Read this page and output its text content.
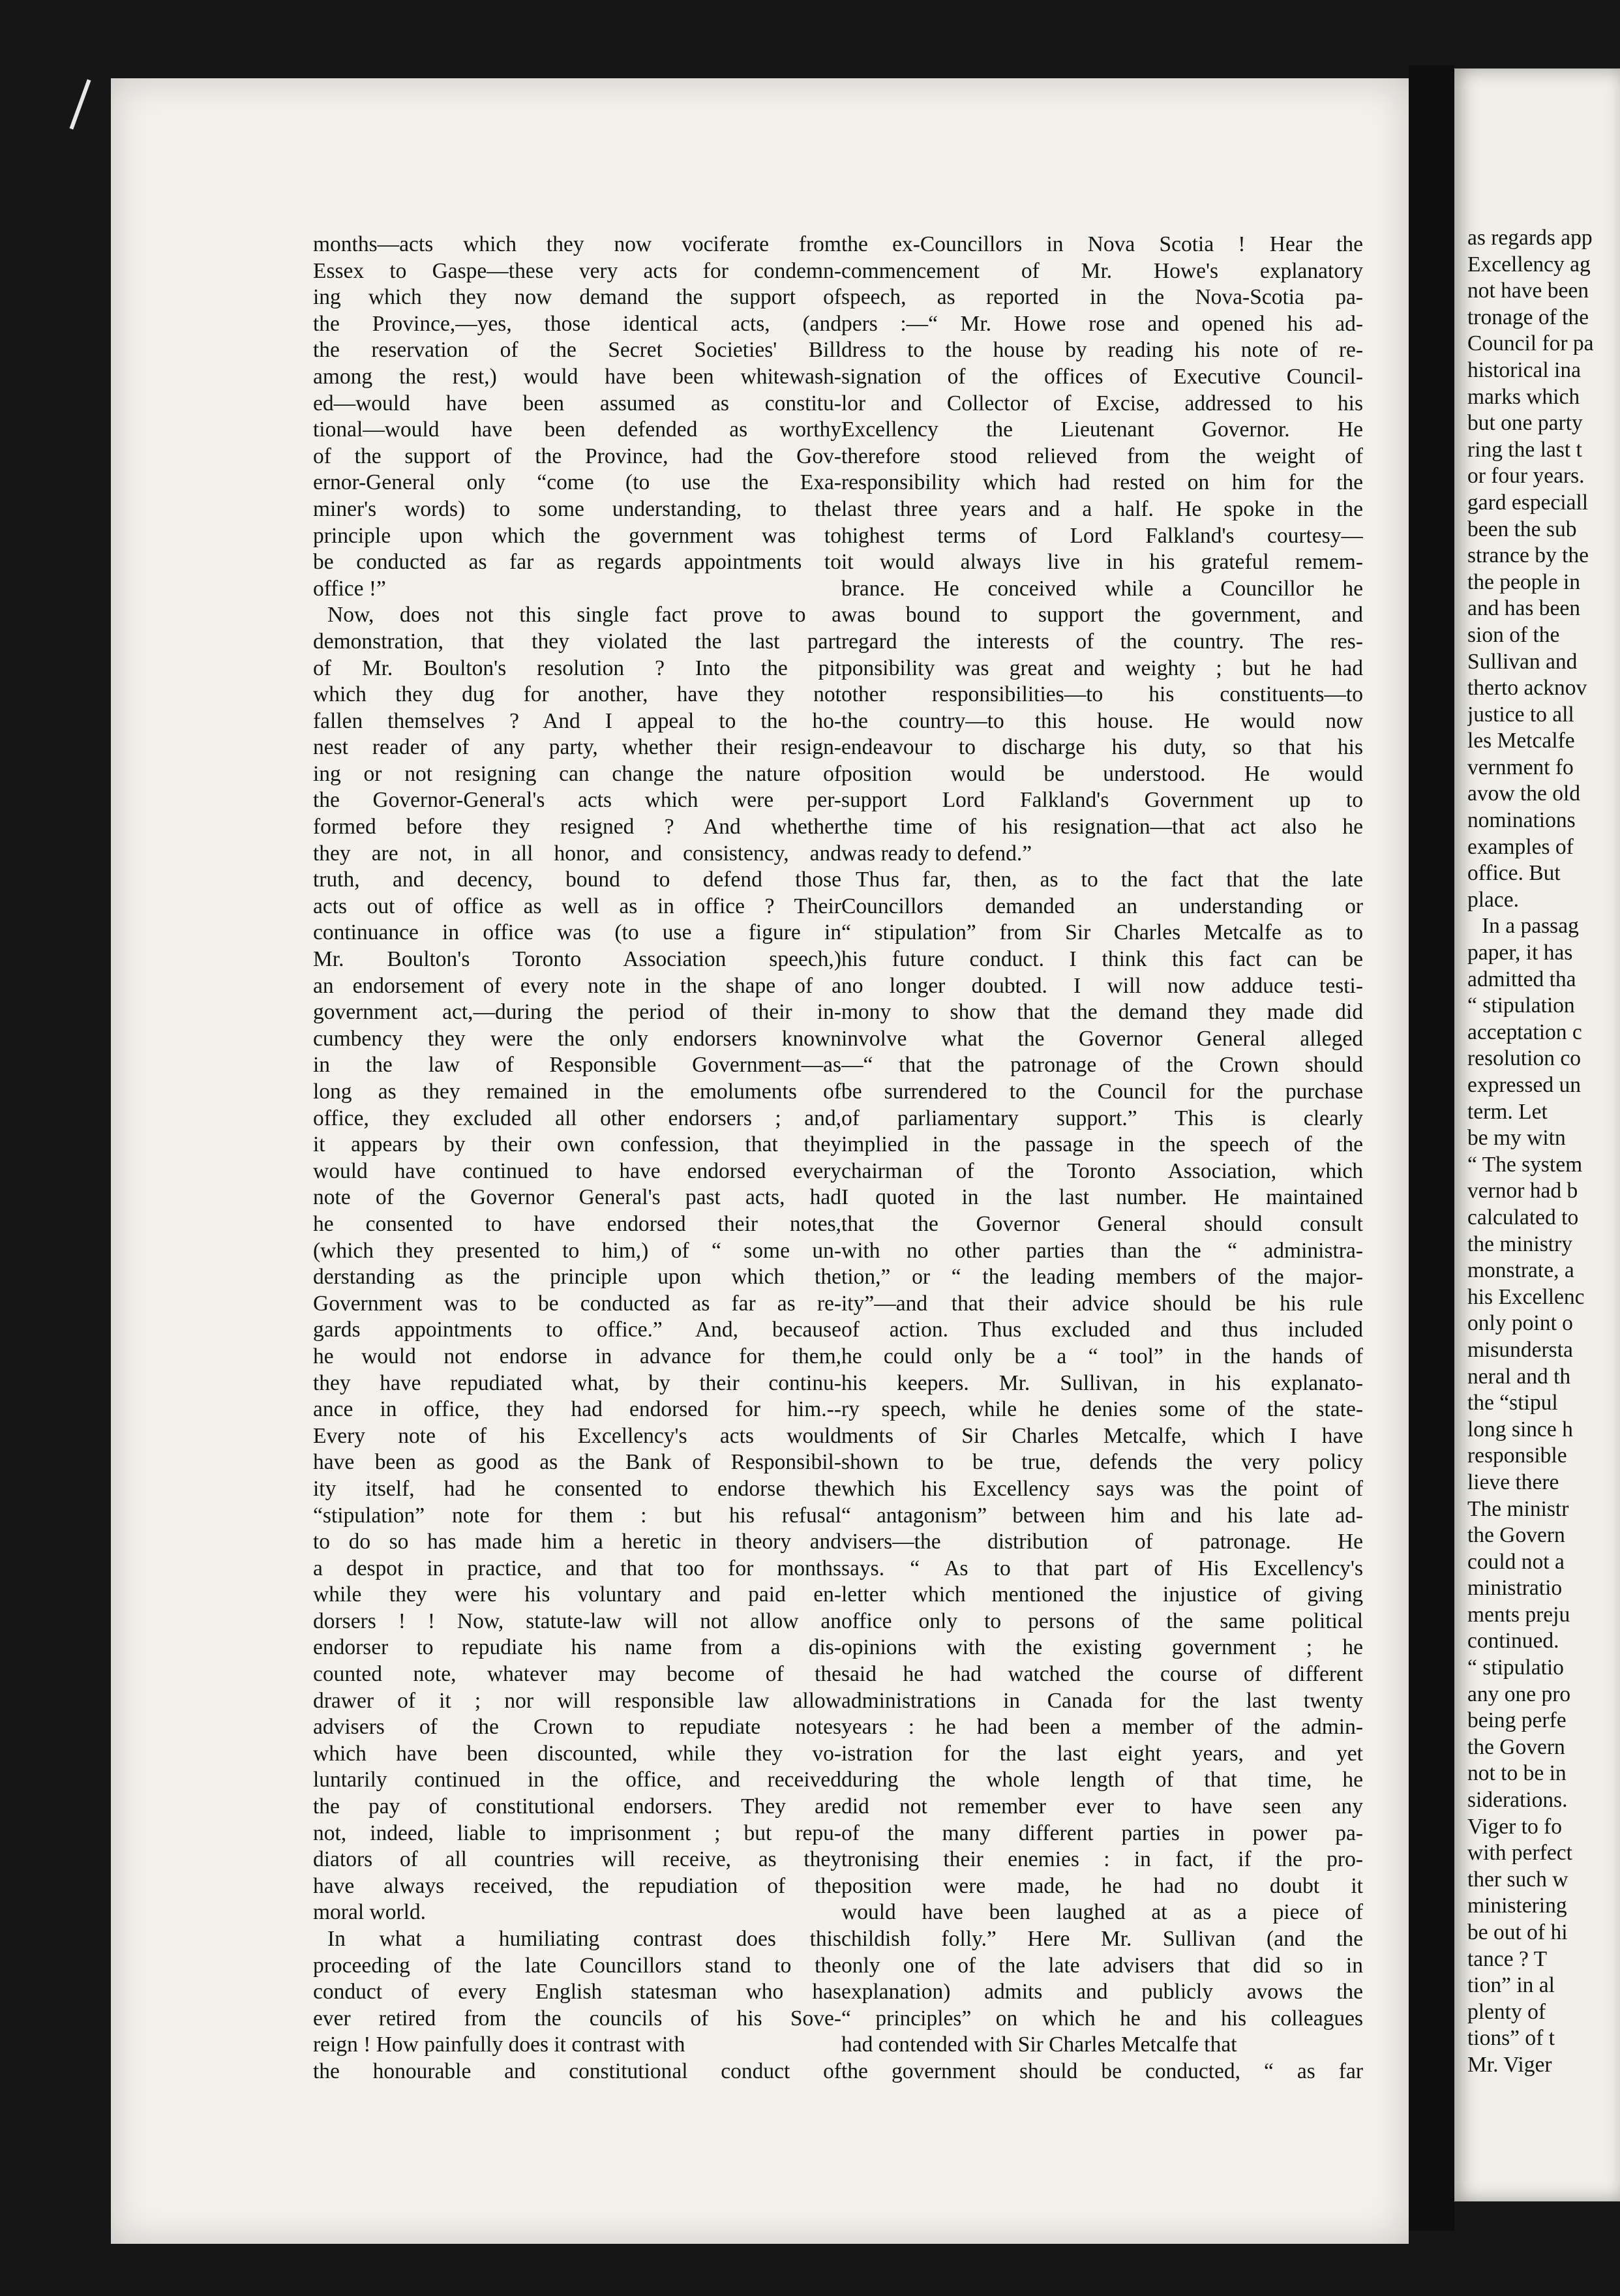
months—acts which they now vociferate from
Essex to Gaspe—these very acts for condemn-
ing which they now demand the support of
the Province,—yes, those identical acts, (and
the reservation of the Secret Societies' Bill
among the rest,) would have been whitewash-
ed—would have been assumed as constitu-
tional—would have been defended as worthy
of the support of the Province, had the Gov-
ernor-General only “come (to use the Exa-
miner's words) to some understanding, to the
principle upon which the government was to
be conducted as far as regards appointments to
office !”
Now, does not this single fact prove to a
demonstration, that they violated the last part
of Mr. Boulton's resolution ? Into the pit
which they dug for another, have they not
fallen themselves ? And I appeal to the ho-
nest reader of any party, whether their resign-
ing or not resigning can change the nature of
the Governor-General's acts which were per-
formed before they resigned ? And whether
they are not, in all honor, and consistency, and
truth, and decency, bound to defend those
acts out of office as well as in office ? Their
continuance in office was (to use a figure in
Mr. Boulton's Toronto Association speech,)
an endorsement of every note in the shape of a
government act,—during the period of their in-
cumbency they were the only endorsers known
in the law of Responsible Government—as
long as they remained in the emoluments of
office, they excluded all other endorsers ; and,
it appears by their own confession, that they
would have continued to have endorsed every
note of the Governor General's past acts, had
he consented to have endorsed their notes,
(which they presented to him,) of “ some un-
derstanding as the principle upon which the
Government was to be conducted as far as re-
gards appointments to office.” And, because
he would not endorse in advance for them,
they have repudiated what, by their continu-
ance in office, they had endorsed for him.--
Every note of his Excellency's acts would
have been as good as the Bank of Responsibil-
ity itself, had he consented to endorse the
“stipulation” note for them : but his refusal
to do so has made him a heretic in theory and
a despot in practice, and that too for months
while they were his voluntary and paid en-
dorsers ! ! Now, statute-law will not allow an
endorser to repudiate his name from a dis-
counted note, whatever may become of the
drawer of it ; nor will responsible law allow
advisers of the Crown to repudiate notes
which have been discounted, while they vo-
luntarily continued in the office, and received
the pay of constitutional endorsers. They are
not, indeed, liable to imprisonment ; but repu-
diators of all countries will receive, as they
have always received, the repudiation of the
moral world.
In what a humiliating contrast does this
proceeding of the late Councillors stand to the
conduct of every English statesman who has
ever retired from the councils of his Sove-
reign ! How painfully does it contrast with
the honourable and constitutional conduct of
the ex-Councillors in Nova Scotia ! Hear the
commencement of Mr. Howe's explanatory
speech, as reported in the Nova-Scotia pa-
pers :—“ Mr. Howe rose and opened his ad-
dress to the house by reading his note of re-
signation of the offices of Executive Council-
lor and Collector of Excise, addressed to his
Excellency the Lieutenant Governor. He
therefore stood relieved from the weight of
responsibility which had rested on him for the
last three years and a half. He spoke in the
highest terms of Lord Falkland's courtesy—
it would always live in his grateful remem-
brance. He conceived while a Councillor he
was bound to support the government, and
regard the interests of the country. The res-
ponsibility was great and weighty ; but he had
other responsibilities—to his constituents—to
the country—to this house. He would now
endeavour to discharge his duty, so that his
position would be understood. He would
support Lord Falkland's Government up to
the time of his resignation—that act also he
was ready to defend.”
Thus far, then, as to the fact that the late
Councillors demanded an understanding or
“ stipulation” from Sir Charles Metcalfe as to
his future conduct. I think this fact can be
no longer doubted. I will now adduce testi-
mony to show that the demand they made did
involve what the Governor General alleged
—“ that the patronage of the Crown should
be surrendered to the Council for the purchase
of parliamentary support.” This is clearly
implied in the passage in the speech of the
chairman of the Toronto Association, which
I quoted in the last number. He maintained
that the Governor General should consult
with no other parties than the “ administra-
tion,” or “ the leading members of the major-
ity”—and that their advice should be his rule
of action. Thus excluded and thus included
he could only be a “ tool” in the hands of
his keepers. Mr. Sullivan, in his explanato-
ry speech, while he denies some of the state-
ments of Sir Charles Metcalfe, which I have
shown to be true, defends the very policy
which his Excellency says was the point of
“ antagonism” between him and his late ad-
visers—the distribution of patronage. He
says. “ As to that part of His Excellency's
letter which mentioned the injustice of giving
office only to persons of the same political
opinions with the existing government ; he
said he had watched the course of different
administrations in Canada for the last twenty
years : he had been a member of the admin-
istration for the last eight years, and yet
during the whole length of that time, he
did not remember ever to have seen any
of the many different parties in power pa-
tronising their enemies : in fact, if the pro-
position were made, he had no doubt it
would have been laughed at as a piece of
childish folly.” Here Mr. Sullivan (and the
only one of the late advisers that did so in
explanation) admits and publicly avows the
“ principles” on which he and his colleagues
had contended with Sir Charles Metcalfe that
the government should be conducted, “ as far
as regards app
Excellency ag
not have been
tronage of the
Council for pa
historical ina
marks which
but one party
ring the last t
or four years.
gard especiall
been the sub
strance by the
the people in
and has been
sion of the
Sullivan and
therto acknov
justice to all
les Metcalfe
vernment fo
avow the old
nominations
examples of
office. But
place.
In a passag
paper, it has
admitted tha
“ stipulation
acceptation c
resolution co
expressed un
term. Let
be my witn
“ The system
vernor had b
calculated to
the ministry
monstrate, a
his Excellenc
only point o
misundersta
neral and th
the “stipul
long since h
responsible
lieve there
The ministr
the Govern
could not a
ministratio
ments preju
continued.
“ stipulatio
any one pro
being perfe
the Govern
not to be in
siderations.
Viger to fo
with perfect
ther such w
ministering
be out of hi
tance ? T
tion” in al
plenty of
tions” of t
Mr. Viger
